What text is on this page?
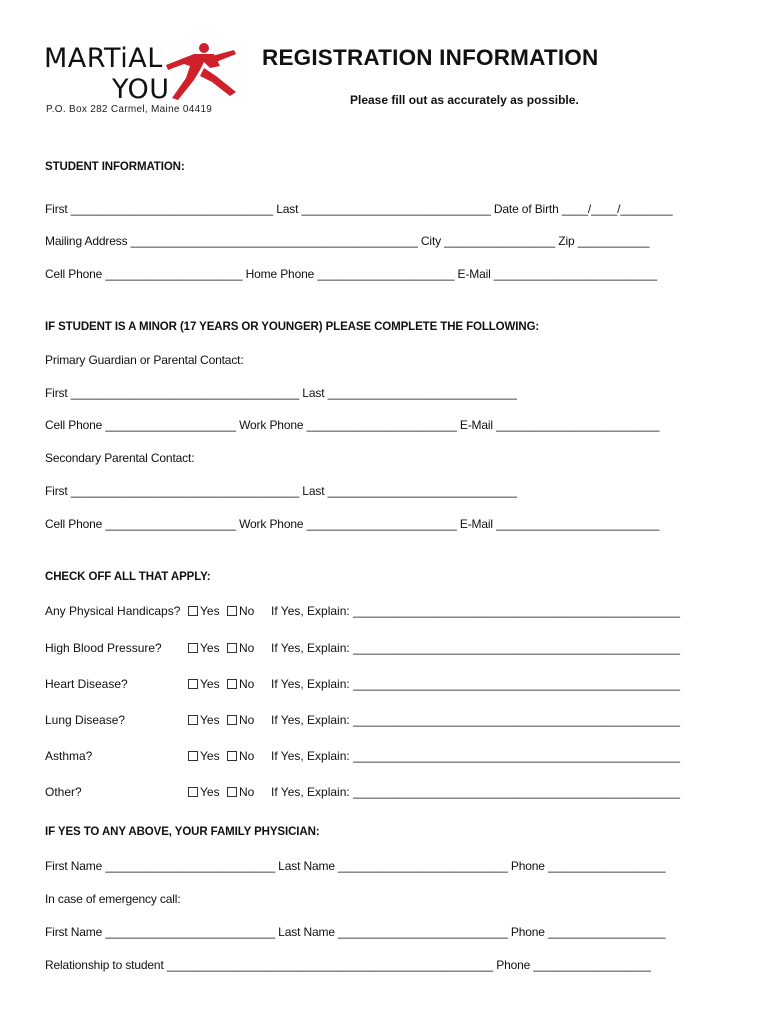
MARTiAL
YOU
P.O. Box 282 Carmel, Maine 04419
REGISTRATION INFORMATION
Please fill out as accurately as possible.
STUDENT INFORMATION:
First _______________________________ Last _____________________________ Date of Birth ____/____/________
Mailing Address ____________________________________________ City _________________ Zip ___________
Cell Phone _____________________ Home Phone _____________________ E-Mail _________________________
IF STUDENT IS A MINOR (17 YEARS OR YOUNGER) PLEASE COMPLETE THE FOLLOWING:
Primary Guardian or Parental Contact:
First ___________________________________ Last _____________________________
Cell Phone ____________________ Work Phone _______________________ E-Mail _________________________
Secondary Parental Contact:
First ___________________________________ Last _____________________________
Cell Phone ____________________ Work Phone _______________________ E-Mail _________________________
CHECK OFF ALL THAT APPLY:
Any Physical Handicaps?	Yes	No If Yes, Explain: _________________________________________________
High Blood Pressure?	Yes	No If Yes, Explain: _________________________________________________
Heart Disease?	Yes	No If Yes, Explain: _________________________________________________
Lung Disease?	Yes	No If Yes, Explain: _________________________________________________
Asthma?	Yes	No If Yes, Explain: _________________________________________________
Other?	Yes	No If Yes, Explain: _________________________________________________
IF YES TO ANY ABOVE, YOUR FAMILY PHYSICIAN:
First Name __________________________ Last Name __________________________ Phone __________________
In case of emergency call:
First Name __________________________ Last Name __________________________ Phone __________________
Relationship to student __________________________________________________ Phone __________________
